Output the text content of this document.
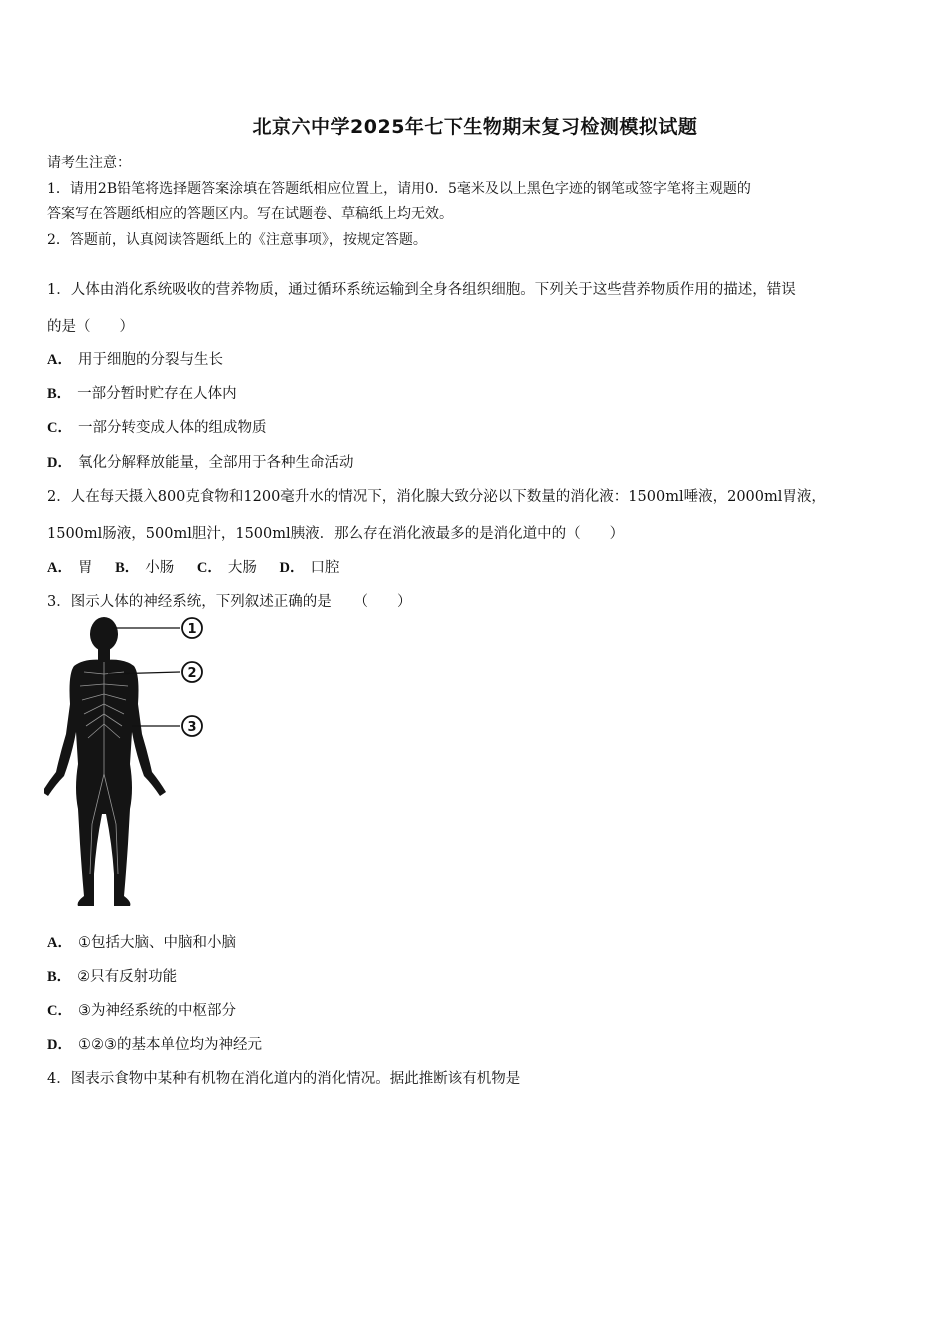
北京六中学2025年七下生物期末复习检测模拟试题
请考生注意：
1．请用2B铅笔将选择题答案涂填在答题纸相应位置上，请用0．5毫米及以上黑色字迹的钢笔或签字笔将主观题的
答案写在答题纸相应的答题区内。写在试题卷、草稿纸上均无效。
2．答题前，认真阅读答题纸上的《注意事项》，按规定答题。
1．人体由消化系统吸收的营养物质，通过循环系统运输到全身各组织细胞。下列关于这些营养物质作用的描述，错误
的是（　　）
A． 用于细胞的分裂与生长
B． 一部分暂时贮存在人体内
C． 一部分转变成人体的组成物质
D． 氧化分解释放能量，全部用于各种生命活动
2．人在每天摄入800克食物和1200毫升水的情况下，消化腺大致分泌以下数量的消化液：1500ml唾液，2000ml胃液，
1500ml肠液，500ml胆汁，1500ml胰液．那么存在消化液最多的是消化道中的（　　）
A． 胃 B． 小肠 C． 大肠 D． 口腔
3．图示人体的神经系统，下列叙述正确的是　　（　　）
1
2
3
A． ①包括大脑、中脑和小脑
B． ②只有反射功能
C． ③为神经系统的中枢部分
D． ①②③的基本单位均为神经元
4．图表示食物中某种有机物在消化道内的消化情况。据此推断该有机物是
